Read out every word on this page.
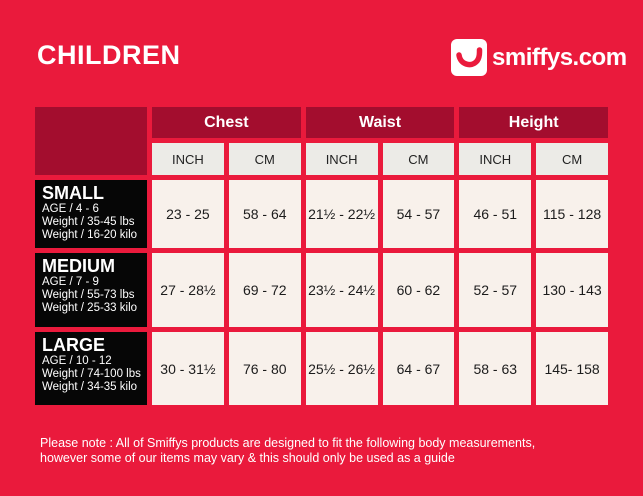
CHILDREN	smiffys.com
Chest	Waist	Height
INCH	CM	INCH	CM	INCH	CM
SMALL
AGE / 4 - 6
Weight / 35-45 lbs
Weight / 16-20 kilo
23 - 25	58 - 64	21½ - 22½	54 - 57	46 - 51	115 - 128
MEDIUM
AGE / 7 - 9
Weight / 55-73 lbs
Weight / 25-33 kilo
27 - 28½	69 - 72	23½ - 24½	60 - 62	52 - 57	130 - 143
LARGE
AGE / 10 - 12
Weight / 74-100 lbs
Weight / 34-35 kilo
30 - 31½	76 - 80	25½ - 26½	64 - 67	58 - 63	145- 158
Please note : All of Smiffys products are designed to fit the following body measurements,
however some of our items may vary & this should only be used as a guide
